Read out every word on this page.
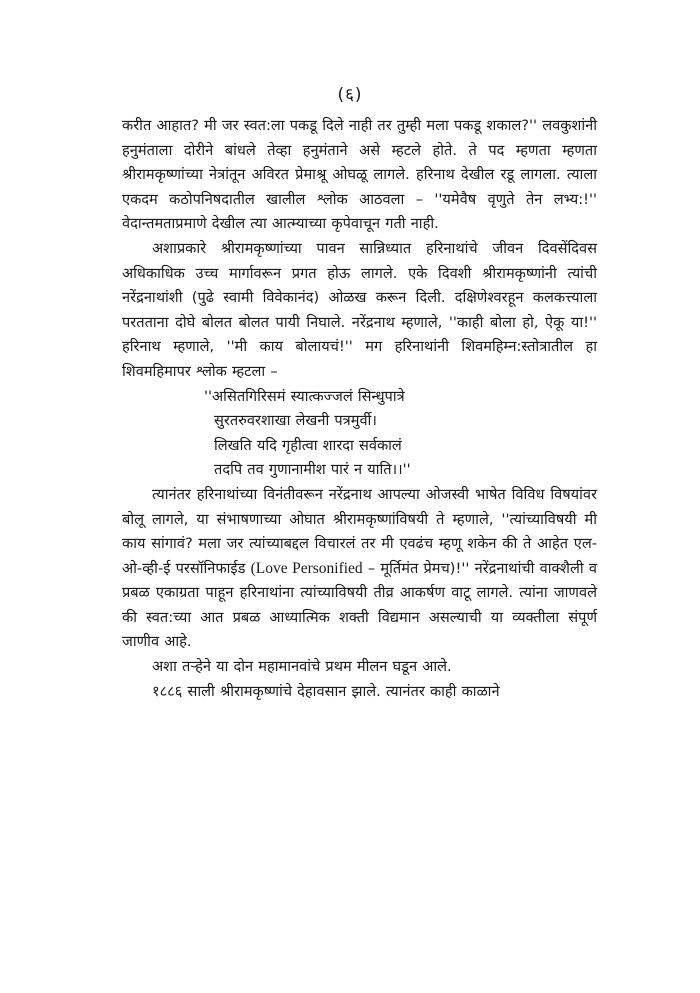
(६)

करीत आहात? मी जर स्वत:ला पकडू दिले नाही तर तुम्ही मला पकडू शकाल?'' लवकुशांनी हनुमंताला दोरीने बांधले तेव्हा हनुमंताने असे म्हटले होते. ते पद म्हणता म्हणता श्रीरामकृष्णांच्या नेत्रांतून अविरत प्रेमाश्रू ओघळू लागले. हरिनाथ देखील रडू लागला. त्याला एकदम कठोपनिषदातील खालील श्लोक आठवला – ''यमेवैष वृणुते तेन लभ्य:!'' वेदान्तमताप्रमाणे देखील त्या आत्म्याच्या कृपेवाचून गती नाही.

अशाप्रकारे श्रीरामकृष्णांच्या पावन सान्निध्यात हरिनाथांचे जीवन दिवसेंदिवस अधिकाधिक उच्च मार्गावरून प्रगत होऊ लागले. एके दिवशी श्रीरामकृष्णांनी त्यांची नरेंद्रनाथांशी (पुढे स्वामी विवेकानंद) ओळख करून दिली. दक्षिणेश्वरहून कलकत्त्याला परतताना दोघे बोलत बोलत पायी निघाले. नरेंद्रनाथ म्हणाले, ''काही बोला हो, ऐकू या!'' हरिनाथ म्हणाले, ''मी काय बोलायचं!'' मग हरिनाथांनी शिवमहिम्न:स्तोत्रातील हा शिवमहिमापर श्लोक म्हटला –

''असितगिरिसमं स्यात्कज्जलं सिन्धुपात्रे
सुरतरुवरशाखा लेखनी पत्रमुर्वी।
लिखति यदि गृहीत्वा शारदा सर्वकालं
तदपि तव गुणानामीश पारं न याति।।''

त्यानंतर हरिनाथांच्या विनंतीवरून नरेंद्रनाथ आपल्या ओजस्वी भाषेत विविध विषयांवर बोलू लागले, या संभाषणाच्या ओघात श्रीरामकृष्णांविषयी ते म्हणाले, ''त्यांच्याविषयी मी काय सांगावं? मला जर त्यांच्याबद्दल विचारलं तर मी एवढंच म्हणू शकेन की ते आहेत एल-ओ-व्ही-ई परसॉनिफाईड (Love Personified – मूर्तिमंत प्रेमच)!'' नरेंद्रनाथांची वाक्शैली व प्रबळ एकाग्रता पाहून हरिनाथांना त्यांच्याविषयी तीव्र आकर्षण वाटू लागले. त्यांना जाणवले की स्वत:च्या आत प्रबळ आध्यात्मिक शक्ती विद्यमान असल्याची या व्यक्तीला संपूर्ण जाणीव आहे.

अशा तऱ्हेने या दोन महामानवांचे प्रथम मीलन घडून आले.

१८८६ साली श्रीरामकृष्णांचे देहावसान झाले. त्यानंतर काही काळाने
